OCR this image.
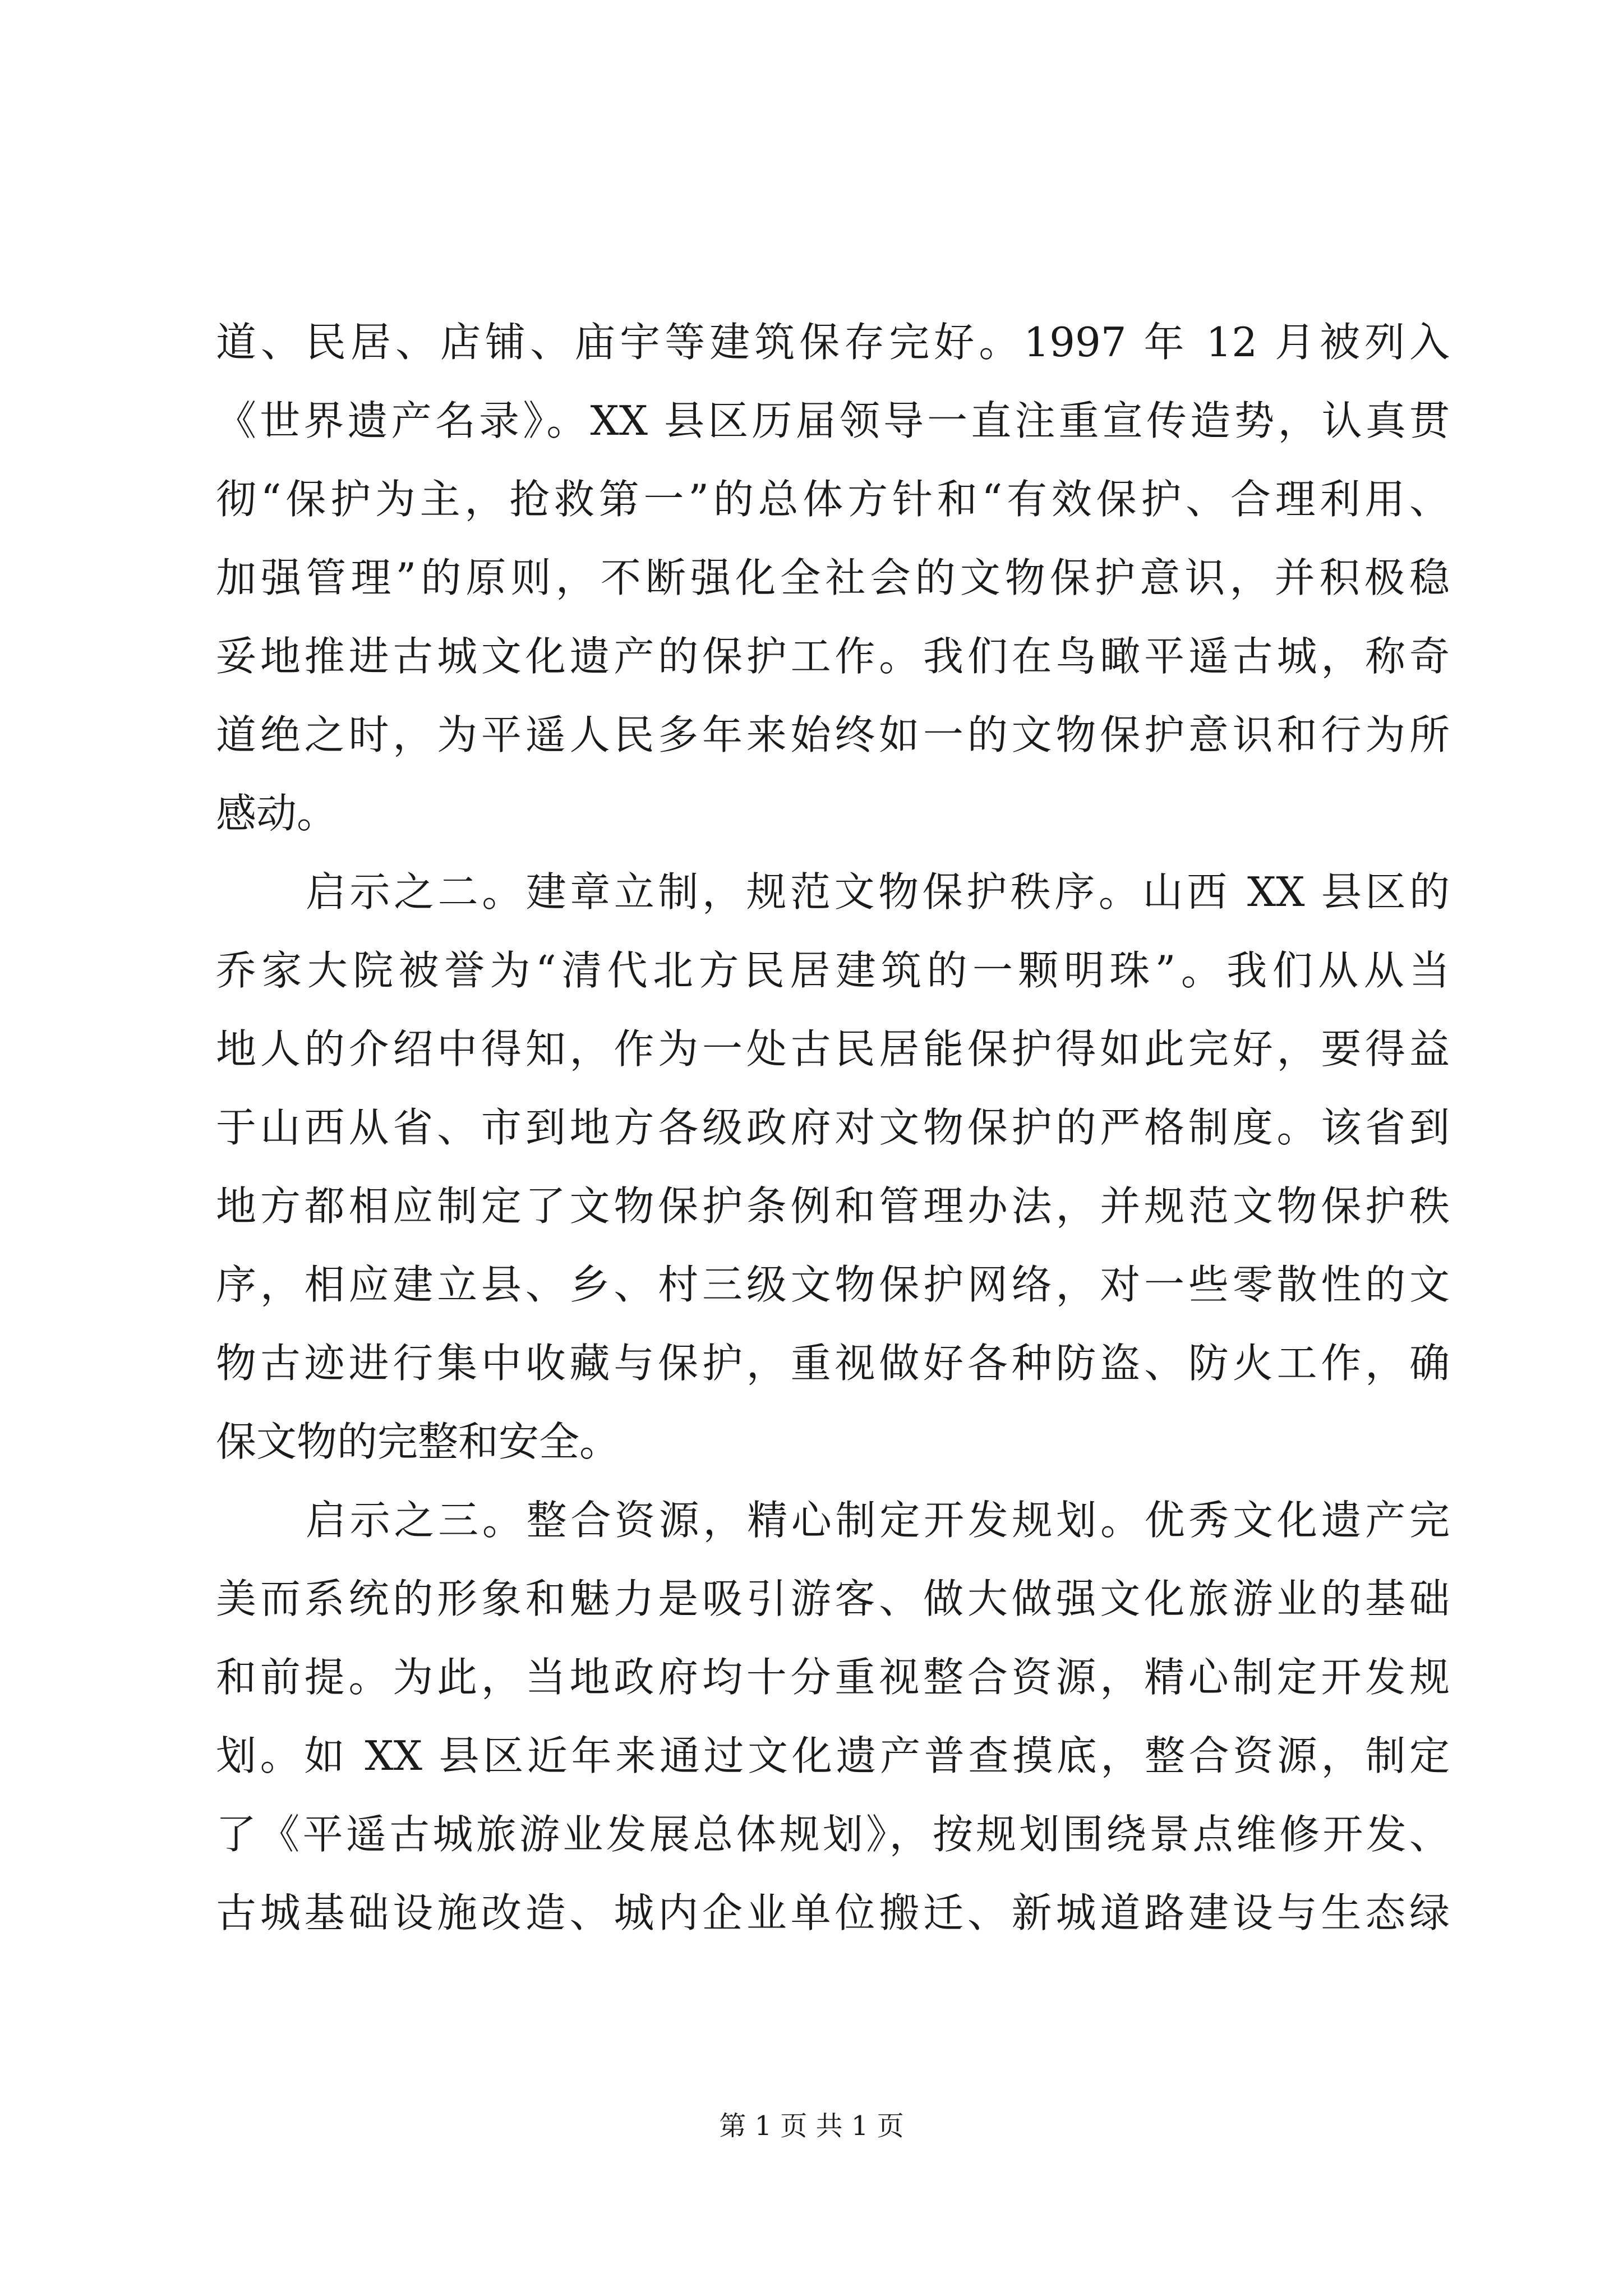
道、民居、店铺、庙宇等建筑保存完好。1997 年 12 月被列入
《世界遗产名录》。XX 县区历届领导一直注重宣传造势，认真贯
彻“保护为主，抢救第一”的总体方针和“有效保护、合理利用、
加强管理”的原则，不断强化全社会的文物保护意识，并积极稳
妥地推进古城文化遗产的保护工作。我们在鸟瞰平遥古城，称奇
道绝之时，为平遥人民多年来始终如一的文物保护意识和行为所
感动。
启示之二。建章立制，规范文物保护秩序。山西 XX 县区的
乔家大院被誉为“清代北方民居建筑的一颗明珠”。我们从从当
地人的介绍中得知，作为一处古民居能保护得如此完好，要得益
于山西从省、市到地方各级政府对文物保护的严格制度。该省到
地方都相应制定了文物保护条例和管理办法，并规范文物保护秩
序，相应建立县、乡、村三级文物保护网络，对一些零散性的文
物古迹进行集中收藏与保护，重视做好各种防盗、防火工作，确
保文物的完整和安全。
启示之三。整合资源，精心制定开发规划。优秀文化遗产完
美而系统的形象和魅力是吸引游客、做大做强文化旅游业的基础
和前提。为此，当地政府均十分重视整合资源，精心制定开发规
划。如 XX 县区近年来通过文化遗产普查摸底，整合资源，制定
了《平遥古城旅游业发展总体规划》，按规划围绕景点维修开发、
古城基础设施改造、城内企业单位搬迁、新城道路建设与生态绿
第 1 页 共 1 页
